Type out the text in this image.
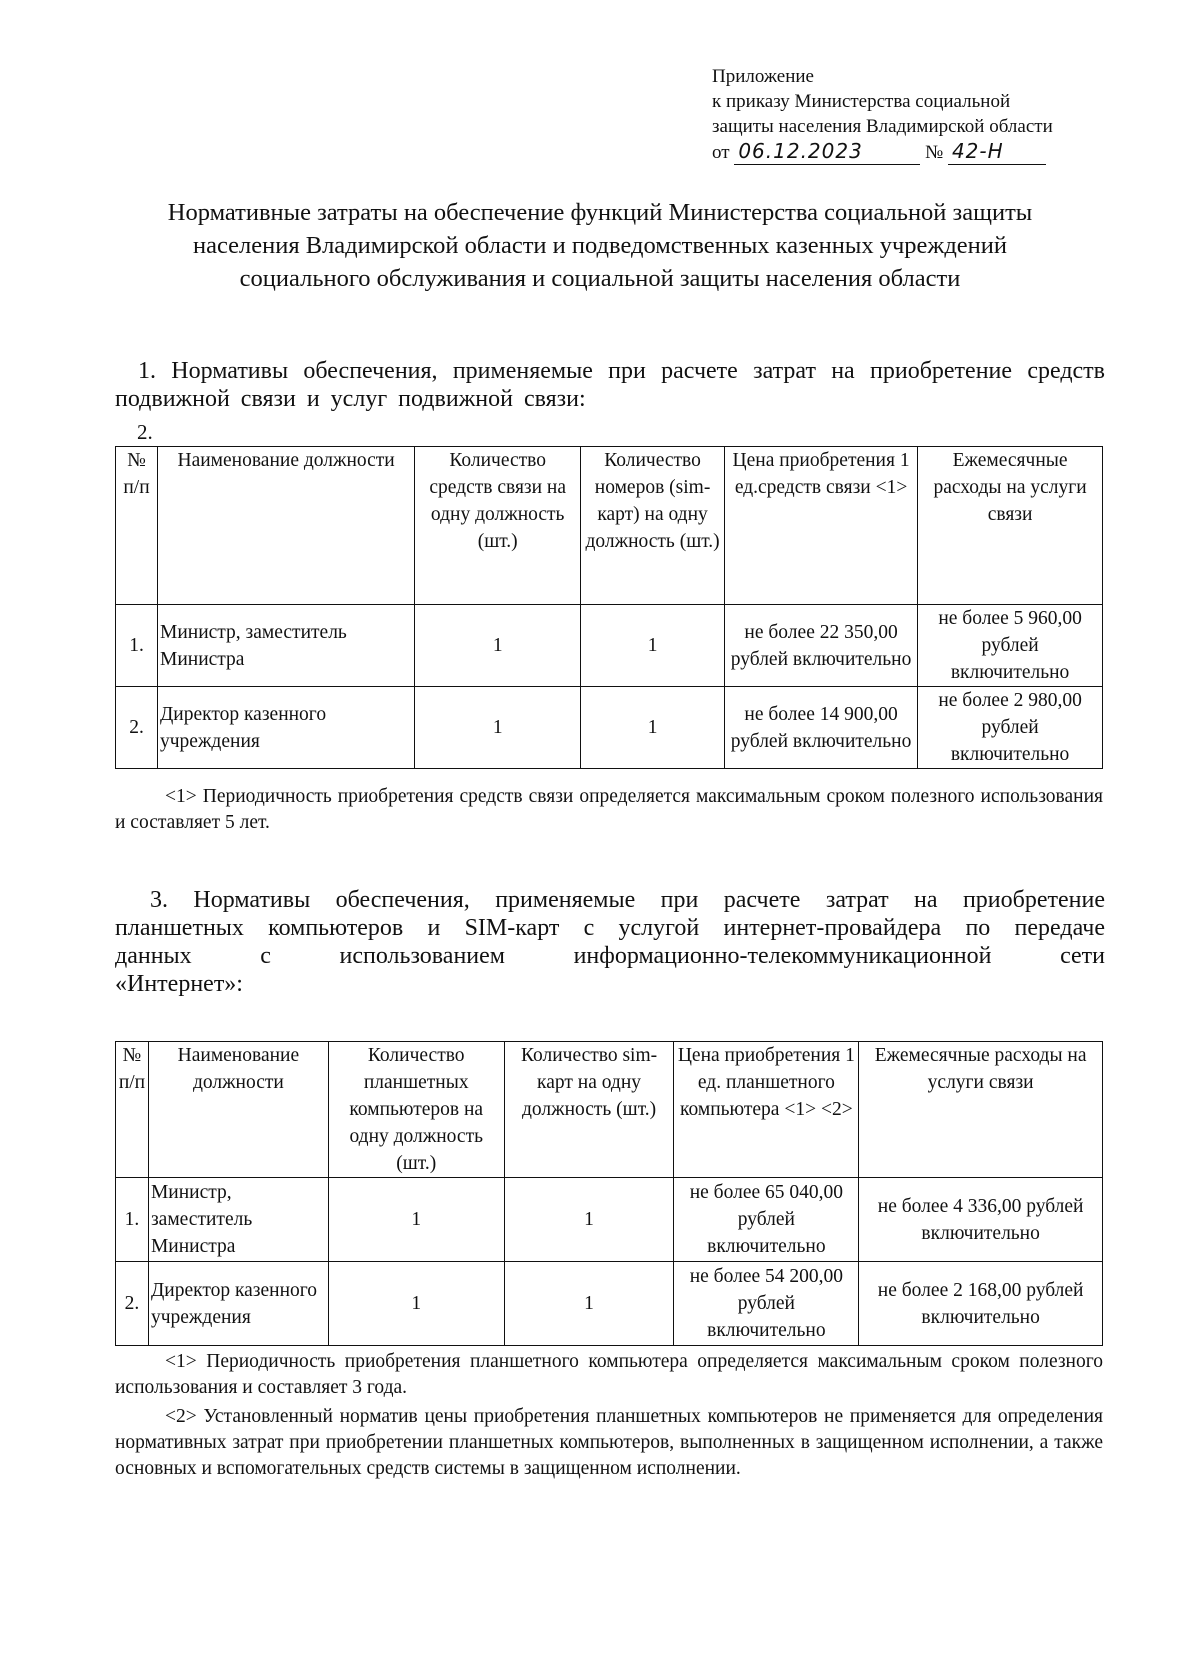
Приложение
к приказу Министерства социальной
защиты населения Владимирской области
от 06.12.2023	№ 42-Н
Нормативные затраты на обеспечение функций Министерства социальной защиты
населения Владимирской области и подведомственных казенных учреждений
социального обслуживания и социальной защиты населения области
1. Нормативы обеспечения, применяемые при расчете затрат на приобретение средств подвижной связи и услуг подвижной связи:
2.
№ п/п	Наименование должности	Количество средств связи на одну должность (шт.)	Количество номеров (sim-карт) на одну должность (шт.)	Цена приобретения 1 ед.средств связи <1>	Ежемесячные расходы на услуги связи
1.	Министр, заместитель Министра	1	1	не более 22 350,00 рублей включительно	не более 5 960,00 рублей включительно
2.	Директор казенного учреждения	1	1	не более 14 900,00 рублей включительно	не более 2 980,00 рублей включительно
<1> Периодичность приобретения средств связи определяется максимальным сроком полезного использования и составляет 5 лет.
3. Нормативы обеспечения, применяемые при расчете затрат на приобретение
планшетных компьютеров и SIM-карт с услугой интернет-провайдера по передаче
данных с использованием информационно-телекоммуникационной сети
«Интернет»:
№ п/п	Наименование должности	Количество планшетных компьютеров на одну должность (шт.)	Количество sim-карт на одну должность (шт.)	Цена приобретения 1 ед. планшетного компьютера <1> <2>	Ежемесячные расходы на услуги связи
1.	Министр, заместитель Министра	1	1	не более 65 040,00 рублей включительно	не более 4 336,00 рублей включительно
2.	Директор казенного учреждения	1	1	не более 54 200,00 рублей включительно	не более 2 168,00 рублей включительно
<1> Периодичность приобретения планшетного компьютера определяется максимальным сроком полезного использования и составляет 3 года.
<2> Установленный норматив цены приобретения планшетных компьютеров не применяется для определения нормативных затрат при приобретении планшетных компьютеров, выполненных в защищенном исполнении, а также основных и вспомогательных средств системы в защищенном исполнении.
